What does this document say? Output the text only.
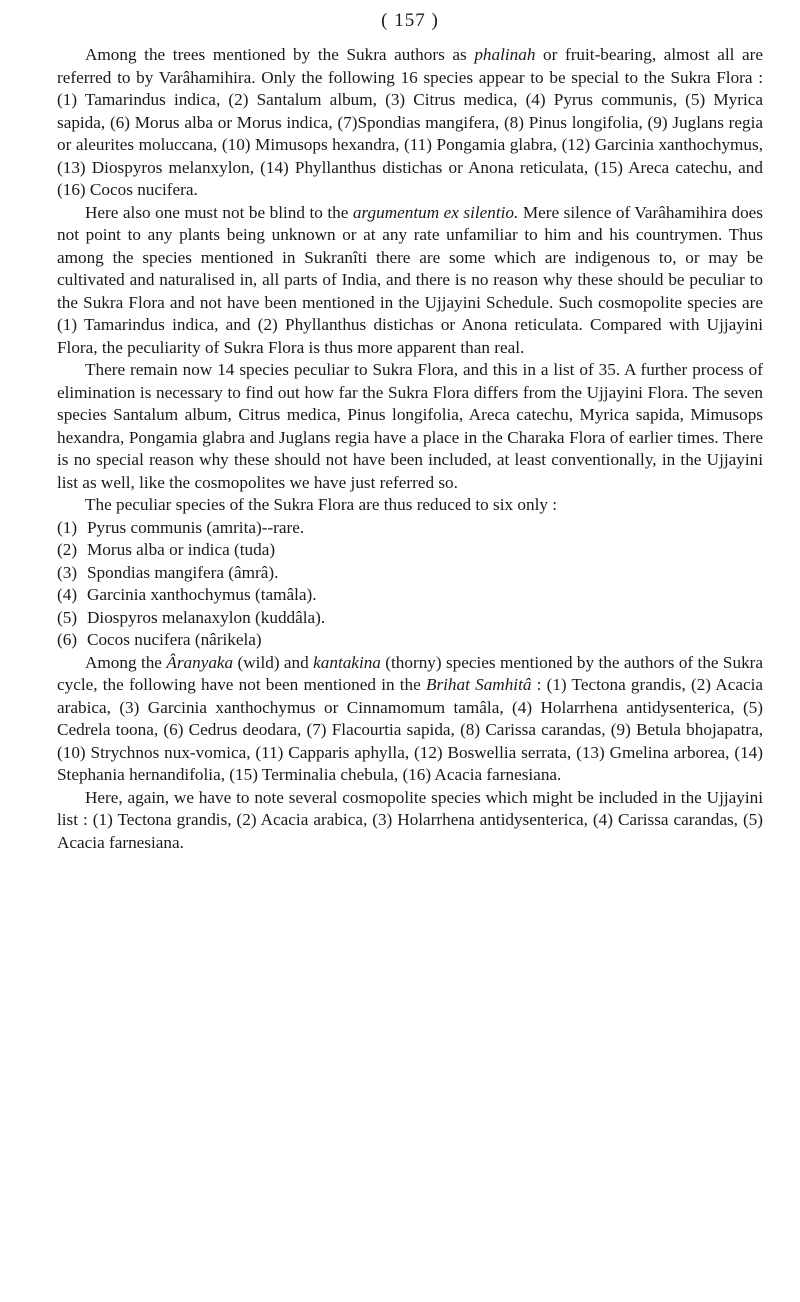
( 157 )

Among the trees mentioned by the Sukra authors as phalinah or fruit-bearing, almost all are referred to by Varâhamihira. Only the following 16 species appear to be special to the Sukra Flora : (1) Tamarindus indica, (2) Santalum album, (3) Citrus medica, (4) Pyrus communis, (5) Myrica sapida, (6) Morus alba or Morus indica, (7)Spondias mangifera, (8) Pinus longifolia, (9) Juglans regia or aleurites moluccana, (10) Mimusops hexandra, (11) Pongamia glabra, (12) Garcinia xanthochymus, (13) Diospyros melanxylon, (14) Phyllanthus distichas or Anona reticulata, (15) Areca catechu, and (16) Cocos nucifera.

Here also one must not be blind to the argumentum ex silentio. Mere silence of Varâhamihira does not point to any plants being unknown or at any rate unfamiliar to him and his countrymen. Thus among the species mentioned in Sukranîti there are some which are indigenous to, or may be cultivated and naturalised in, all parts of India, and there is no reason why these should be peculiar to the Sukra Flora and not have been mentioned in the Ujjayini Schedule. Such cosmopolite species are (1) Tamarindus indica, and (2) Phyllanthus distichas or Anona reticulata. Compared with Ujjayini Flora, the peculiarity of Sukra Flora is thus more apparent than real.

There remain now 14 species peculiar to Sukra Flora, and this in a list of 35. A further process of elimination is necessary to find out how far the Sukra Flora differs from the Ujjayini Flora. The seven species Santalum album, Citrus medica, Pinus longifolia, Areca catechu, Myrica sapida, Mimusops hexandra, Pongamia glabra and Juglans regia have a place in the Charaka Flora of earlier times. There is no special reason why these should not have been included, at least conventionally, in the Ujjayini list as well, like the cosmopolites we have just referred so.

The peculiar species of the Sukra Flora are thus reduced to six only :

(1) Pyrus communis (amrita)--rare.
(2) Morus alba or indica (tuda)
(3) Spondias mangifera (âmrâ).
(4) Garcinia xanthochymus (tamâla).
(5) Diospyros melanaxylon (kuddâla).
(6) Cocos nucifera (nârikela)

Among the Âranyaka (wild) and kantakina (thorny) species mentioned by the authors of the Sukra cycle, the following have not been mentioned in the Brihat Samhitâ : (1) Tectona grandis, (2) Acacia arabica, (3) Garcinia xanthochymus or Cinnamomum tamâla, (4) Holarrhena antidysenterica, (5) Cedrela toona, (6) Cedrus deodara, (7) Flacourtia sapida, (8) Carissa carandas, (9) Betula bhojapatra, (10) Strychnos nux-vomica, (11) Capparis aphylla, (12) Boswellia serrata, (13) Gmelina arborea, (14) Stephania hernandifolia, (15) Terminalia chebula, (16) Acacia farnesiana.

Here, again, we have to note several cosmopolite species which might be included in the Ujjayini list : (1) Tectona grandis, (2) Acacia arabica, (3) Holarrhena antidysenterica, (4) Carissa carandas, (5) Acacia farnesiana.
